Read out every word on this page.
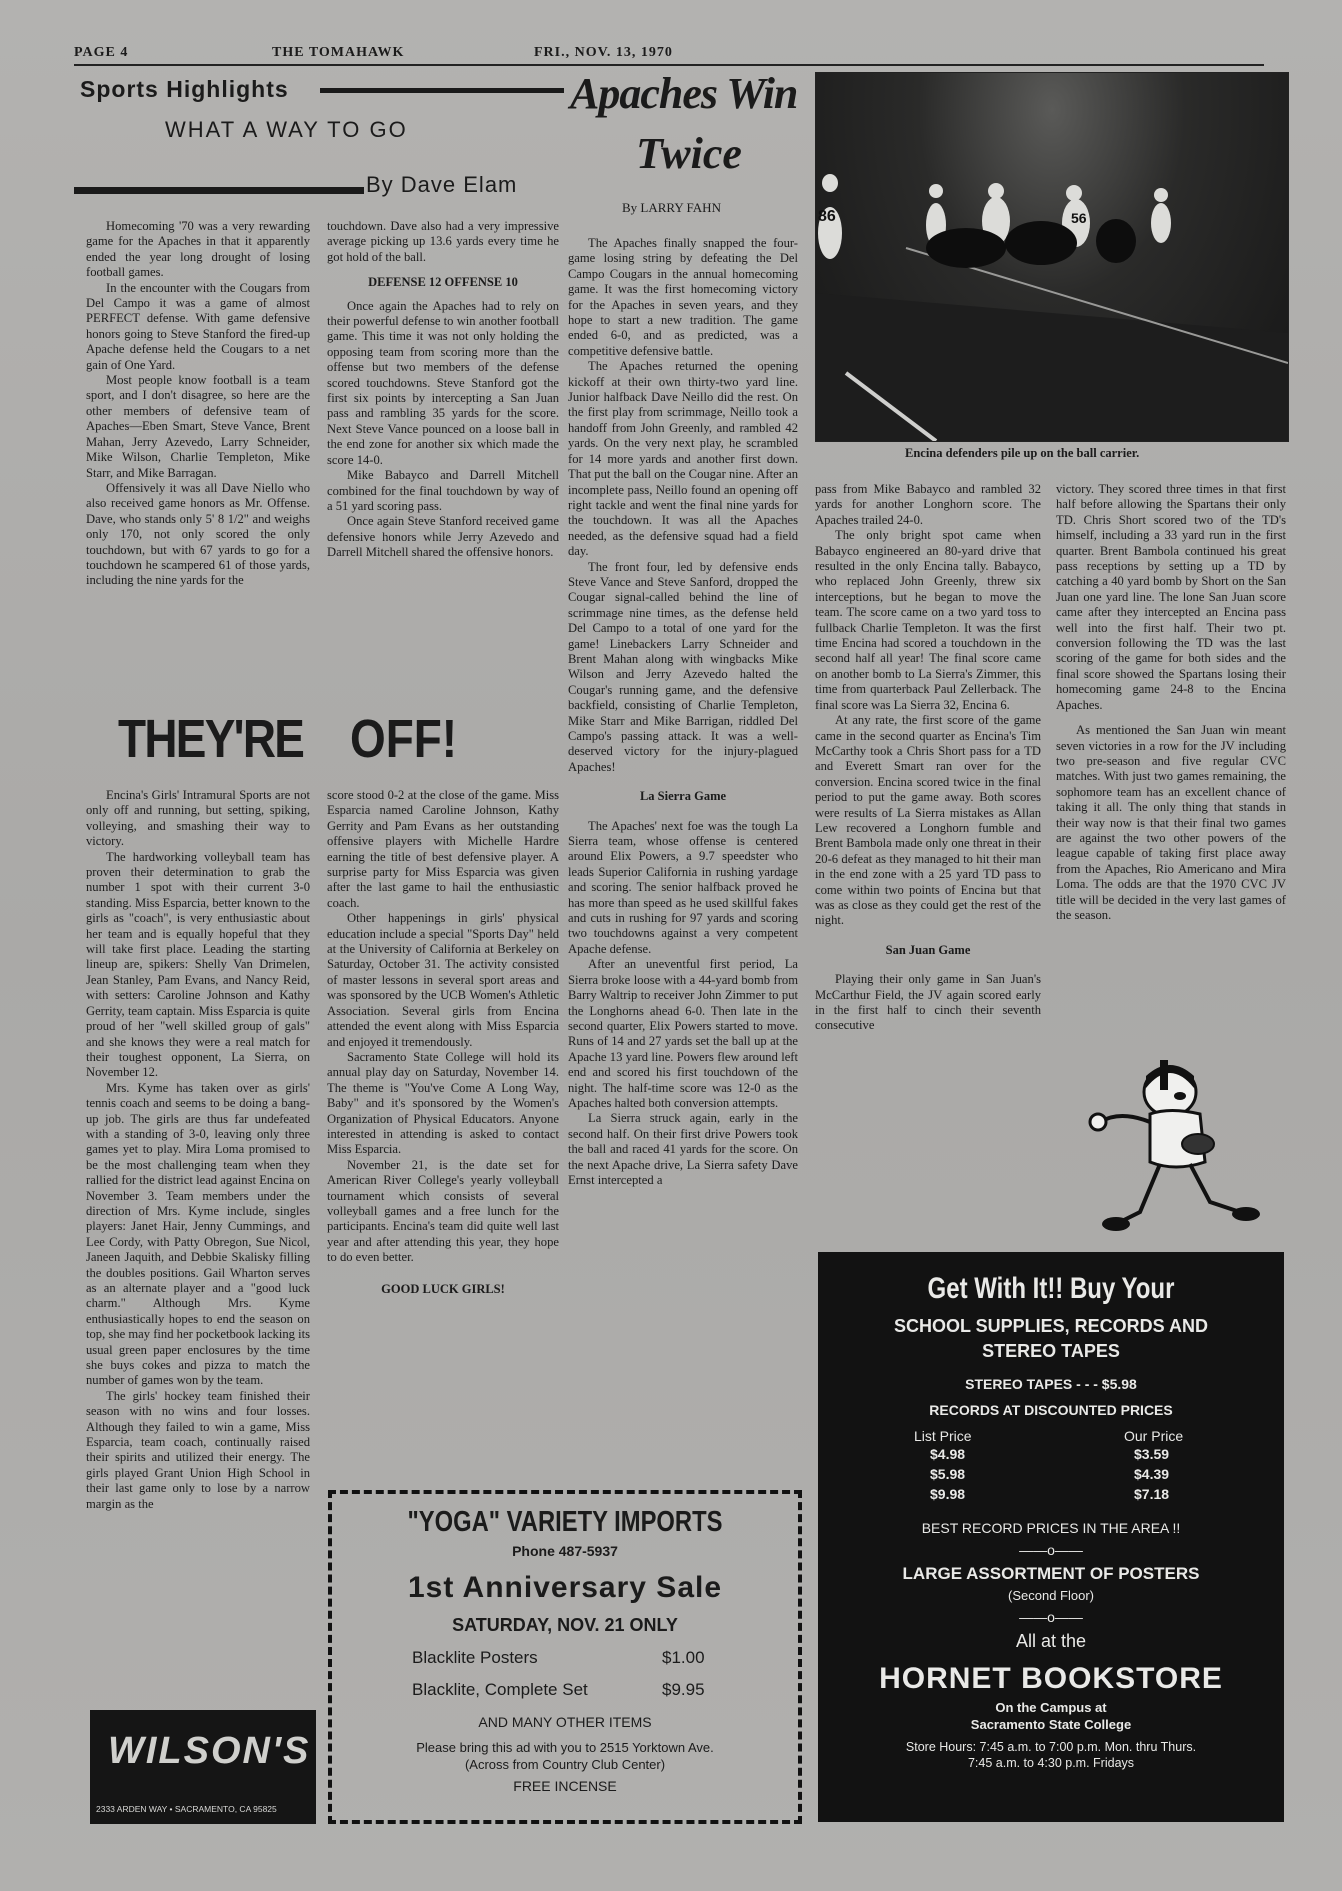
PAGE 4	THE TOMAHAWK	FRI., NOV. 13, 1970
Sports Highlights
WHAT A WAY TO GO
By Dave Elam
Apaches Win
Twice
By LARRY FAHN
86	56
Encina defenders pile up on the ball carrier.

Homecoming '70 was a very rewarding game for the Apaches in that it apparently ended the year long drought of losing football games.

In the encounter with the Cougars from Del Campo it was a game of almost PERFECT defense. With game defensive honors going to Steve Stanford the fired-up Apache defense held the Cougars to a net gain of One Yard.

Most people know football is a team sport, and I don't disagree, so here are the other members of defensive team of Apaches—Eben Smart, Steve Vance, Brent Mahan, Jerry Azevedo, Larry Schneider, Mike Wilson, Charlie Templeton, Mike Starr, and Mike Barragan.

Offensively it was all Dave Niello who also received game honors as Mr. Offense. Dave, who stands only 5' 8 1/2" and weighs only 170, not only scored the only touchdown, but with 67 yards to go for a touchdown he scampered 61 of those yards, including the nine yards for the

touchdown. Dave also had a very impressive average picking up 13.6 yards every time he got hold of the ball.

DEFENSE 12 OFFENSE 10

Once again the Apaches had to rely on their powerful defense to win another football game. This time it was not only holding the opposing team from scoring more than the offense but two members of the defense scored touchdowns. Steve Stanford got the first six points by intercepting a San Juan pass and rambling 35 yards for the score. Next Steve Vance pounced on a loose ball in the end zone for another six which made the score 14-0.

Mike Babayco and Darrell Mitchell combined for the final touchdown by way of a 51 yard scoring pass.

Once again Steve Stanford received game defensive honors while Jerry Azevedo and Darrell Mitchell shared the offensive honors.

THEY'RE OFF!

Encina's Girls' Intramural Sports are not only off and running, but setting, spiking, volleying, and smashing their way to victory.

The hardworking volleyball team has proven their determination to grab the number 1 spot with their current 3-0 standing. Miss Esparcia, better known to the girls as "coach", is very enthusiastic about her team and is equally hopeful that they will take first place. Leading the starting lineup are, spikers: Shelly Van Drimelen, Jean Stanley, Pam Evans, and Nancy Reid, with setters: Caroline Johnson and Kathy Gerrity, team captain. Miss Esparcia is quite proud of her "well skilled group of gals" and she knows they were a real match for their toughest opponent, La Sierra, on November 12.

Mrs. Kyme has taken over as girls' tennis coach and seems to be doing a bang-up job. The girls are thus far undefeated with a standing of 3-0, leaving only three games yet to play. Mira Loma promised to be the most challenging team when they rallied for the district lead against Encina on November 3. Team members under the direction of Mrs. Kyme include, singles players: Janet Hair, Jenny Cummings, and Lee Cordy, with Patty Obregon, Sue Nicol, Janeen Jaquith, and Debbie Skalisky filling the doubles positions. Gail Wharton serves as an alternate player and a "good luck charm." Although Mrs. Kyme enthusiastically hopes to end the season on top, she may find her pocketbook lacking its usual green paper enclosures by the time she buys cokes and pizza to match the number of games won by the team.

The girls' hockey team finished their season with no wins and four losses. Although they failed to win a game, Miss Esparcia, team coach, continually raised their spirits and utilized their energy. The girls played Grant Union High School in their last game only to lose by a narrow margin as the

score stood 0-2 at the close of the game. Miss Esparcia named Caroline Johnson, Kathy Gerrity and Pam Evans as her outstanding offensive players with Michelle Hardre earning the title of best defensive player. A surprise party for Miss Esparcia was given after the last game to hail the enthusiastic coach.

Other happenings in girls' physical education include a special "Sports Day" held at the University of California at Berkeley on Saturday, October 31. The activity consisted of master lessons in several sport areas and was sponsored by the UCB Women's Athletic Association. Several girls from Encina attended the event along with Miss Esparcia and enjoyed it tremendously.

Sacramento State College will hold its annual play day on Saturday, November 14. The theme is "You've Come A Long Way, Baby" and it's sponsored by the Women's Organization of Physical Educators. Anyone interested in attending is asked to contact Miss Esparcia.

November 21, is the date set for American River College's yearly volleyball tournament which consists of several volleyball games and a free lunch for the participants. Encina's team did quite well last year and after attending this year, they hope to do even better.

GOOD LUCK GIRLS!

The Apaches finally snapped the four-game losing string by defeating the Del Campo Cougars in the annual homecoming game. It was the first homecoming victory for the Apaches in seven years, and they hope to start a new tradition. The game ended 6-0, and as predicted, was a competitive defensive battle.

The Apaches returned the opening kickoff at their own thirty-two yard line. Junior halfback Dave Neillo did the rest. On the first play from scrimmage, Neillo took a handoff from John Greenly, and rambled 42 yards. On the very next play, he scrambled for 14 more yards and another first down. That put the ball on the Cougar nine. After an incomplete pass, Neillo found an opening off right tackle and went the final nine yards for the touchdown. It was all the Apaches needed, as the defensive squad had a field day.

The front four, led by defensive ends Steve Vance and Steve Sanford, dropped the Cougar signal-called behind the line of scrimmage nine times, as the defense held Del Campo to a total of one yard for the game! Linebackers Larry Schneider and Brent Mahan along with wingbacks Mike Wilson and Jerry Azevedo halted the Cougar's running game, and the defensive backfield, consisting of Charlie Templeton, Mike Starr and Mike Barrigan, riddled Del Campo's passing attack. It was a well-deserved victory for the injury-plagued Apaches!

La Sierra Game

The Apaches' next foe was the tough La Sierra team, whose offense is centered around Elix Powers, a 9.7 speedster who leads Superior California in rushing yardage and scoring. The senior halfback proved he has more than speed as he used skillful fakes and cuts in rushing for 97 yards and scoring two touchdowns against a very competent Apache defense.

After an uneventful first period, La Sierra broke loose with a 44-yard bomb from Barry Waltrip to receiver John Zimmer to put the Longhorns ahead 6-0. Then late in the second quarter, Elix Powers started to move. Runs of 14 and 27 yards set the ball up at the Apache 13 yard line. Powers flew around left end and scored his first touchdown of the night. The half-time score was 12-0 as the Apaches halted both conversion attempts.

La Sierra struck again, early in the second half. On their first drive Powers took the ball and raced 41 yards for the score. On the next Apache drive, La Sierra safety Dave Ernst intercepted a

pass from Mike Babayco and rambled 32 yards for another Longhorn score. The Apaches trailed 24-0.

The only bright spot came when Babayco engineered an 80-yard drive that resulted in the only Encina tally. Babayco, who replaced John Greenly, threw six interceptions, but he began to move the team. The score came on a two yard toss to fullback Charlie Templeton. It was the first time Encina had scored a touchdown in the second half all year! The final score came on another bomb to La Sierra's Zimmer, this time from quarterback Paul Zellerback. The final score was La Sierra 32, Encina 6.

At any rate, the first score of the game came in the second quarter as Encina's Tim McCarthy took a Chris Short pass for a TD and Everett Smart ran over for the conversion. Encina scored twice in the final period to put the game away. Both scores were results of La Sierra mistakes as Allan Lew recovered a Longhorn fumble and Brent Bambola made only one threat in their 20-6 defeat as they managed to hit their man in the end zone with a 25 yard TD pass to come within two points of Encina but that was as close as they could get the rest of the night.

San Juan Game

Playing their only game in San Juan's McCarthur Field, the JV again scored early in the first half to cinch their seventh consecutive

victory. They scored three times in that first half before allowing the Spartans their only TD. Chris Short scored two of the TD's himself, including a 33 yard run in the first quarter. Brent Bambola continued his great pass receptions by setting up a TD by catching a 40 yard bomb by Short on the San Juan one yard line. The lone San Juan score came after they intercepted an Encina pass well into the first half. Their two pt. conversion following the TD was the last scoring of the game for both sides and the final score showed the Spartans losing their homecoming game 24-8 to the Encina Apaches.

As mentioned the San Juan win meant seven victories in a row for the JV including two pre-season and five regular CVC matches. With just two games remaining, the sophomore team has an excellent chance of taking it all. The only thing that stands in their way now is that their final two games are against the two other powers of the league capable of taking first place away from the Apaches, Rio Americano and Mira Loma. The odds are that the 1970 CVC JV title will be decided in the very last games of the season.

"YOGA" VARIETY IMPORTS
Phone 487-5937
1st Anniversary Sale
SATURDAY, NOV. 21 ONLY
Blacklite Posters	$1.00
Blacklite, Complete Set	$9.95
AND MANY OTHER ITEMS
Please bring this ad with you to 2515 Yorktown Ave.
(Across from Country Club Center)
FREE INCENSE
WILSON'S
2333 ARDEN WAY • SACRAMENTO, CA 95825
Get With It!! Buy Your
SCHOOL SUPPLIES, RECORDS AND
STEREO TAPES
STEREO TAPES - - - $5.98
RECORDS AT DISCOUNTED PRICES
List Price	Our Price
$4.98	$3.59
$5.98	$4.39
$9.98	$7.18
BEST RECORD PRICES IN THE AREA !!
——o——
LARGE ASSORTMENT OF POSTERS
(Second Floor)
——o——
All at the
HORNET BOOKSTORE
On the Campus at
Sacramento State College
Store Hours: 7:45 a.m. to 7:00 p.m. Mon. thru Thurs.
7:45 a.m. to 4:30 p.m. Fridays
